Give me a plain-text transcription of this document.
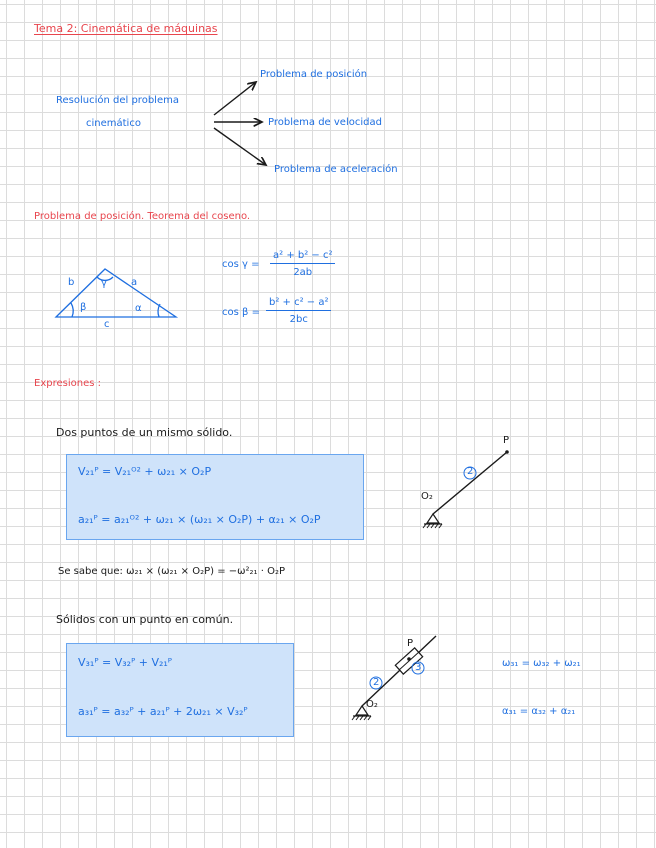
Tema 2: Cinemática de máquinas
Resolución del problema
cinemático
Problema de posición
Problema de velocidad
Problema de aceleración
Problema de posición. Teorema del coseno.
b	a
c
γ
β	α
$\cos \gamma = \frac{\text{a² + b² − c²}}{2ab}$
$\cos \beta = \frac{\text{b² + c² − a²}}{2bc}$
Expresiones :
Dos puntos de un mismo sólido.
V₂₁ᴾ = V₂₁ᴼ² + ω₂₁ × O₂P
a₂₁ᴾ = a₂₁ᴼ² + ω₂₁ × (ω₂₁ × O₂P) + α₂₁ × O₂P
Se sabe que: ω₂₁ × (ω₂₁ × O₂P) = −ω²₂₁ · O₂P
Sólidos con un punto en común.
V₃₁ᴾ = V₃₂ᴾ + V₂₁ᴾ
a₃₁ᴾ = a₃₂ᴾ + a₂₁ᴾ + 2ω₂₁ × V₃₂ᴾ
ω₃₁ = ω₃₂ + ω₂₁
α₃₁ = α₃₂ + α₂₁
P
O₂
2
P
O₂
2
3
